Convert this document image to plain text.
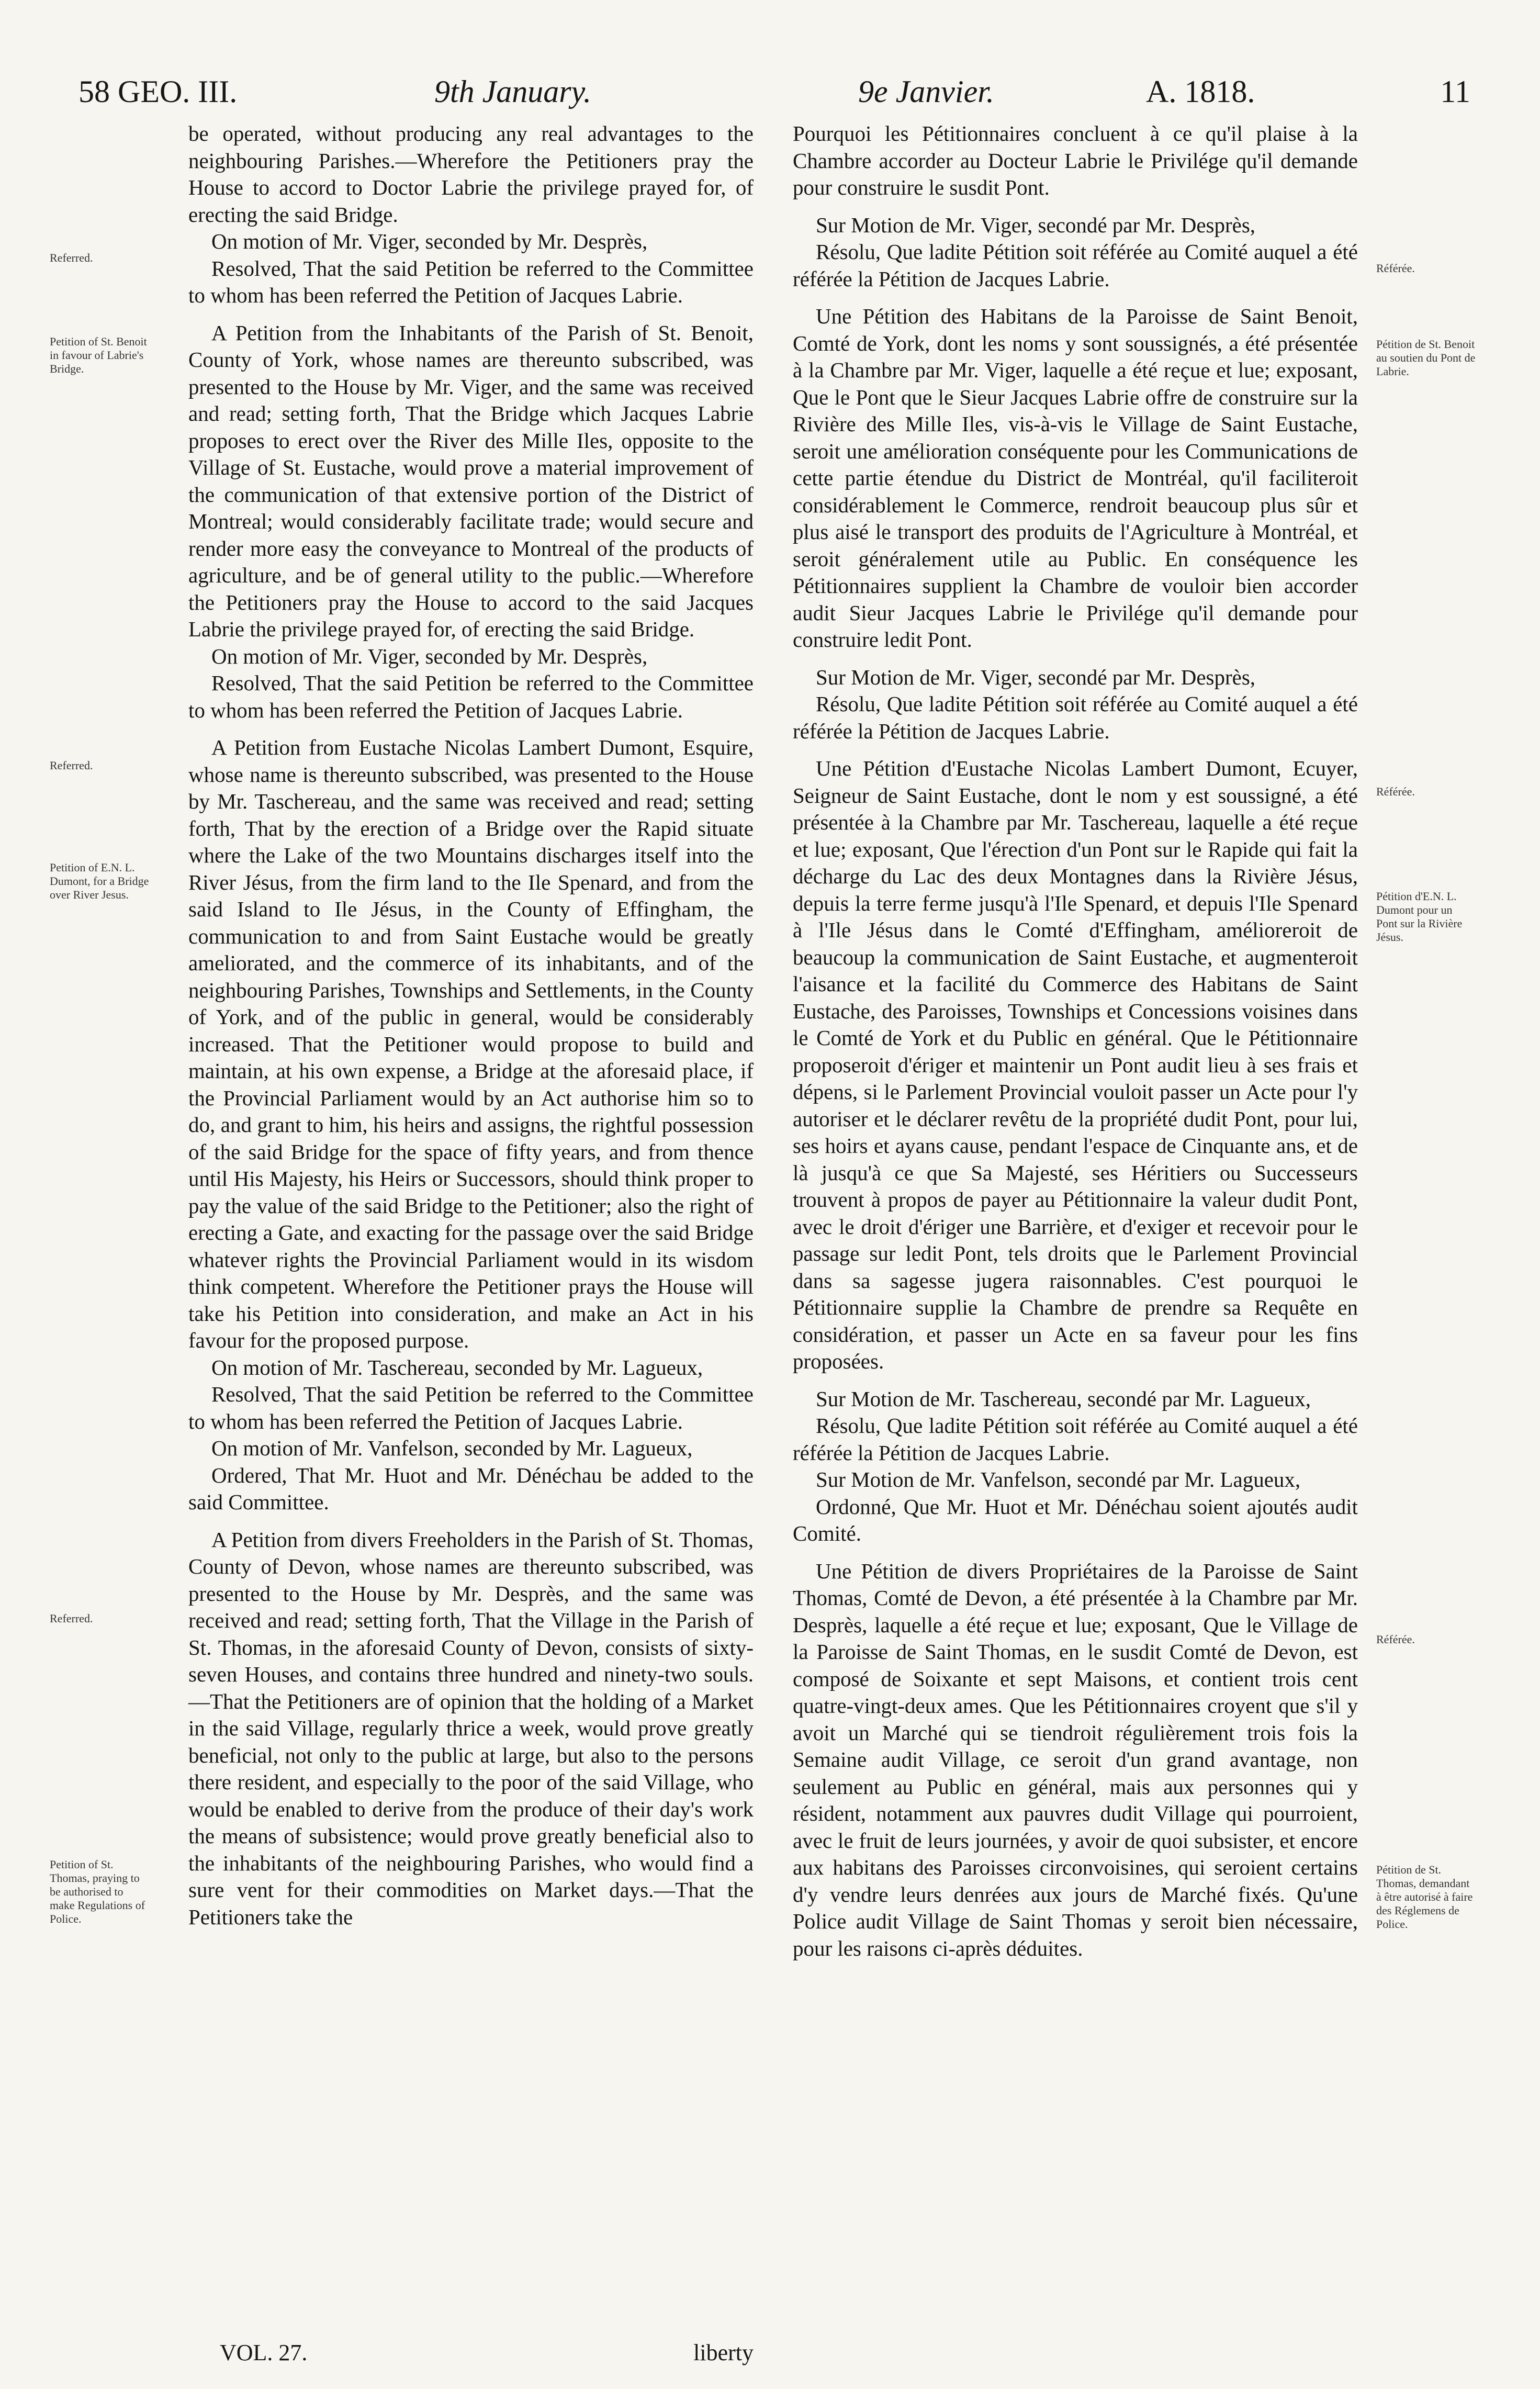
58 GEO. III.	9th January.	9e Janvier.	A. 1818.	11
Referred.
Petition of St. Benoit in favour of Labrie's Bridge.
Referred.
Petition of E.N. L. Dumont, for a Bridge over River Jesus.
Referred.
Petition of St. Thomas, praying to be authorised to make Regulations of Police.
Référée.
Pétition de St. Benoit au soutien du Pont de Labrie.
Référée.
Pétition d'E.N. L. Dumont pour un Pont sur la Rivière Jésus.
Référée.
Pétition de St. Thomas, demandant à être autorisé à faire des Réglemens de Police.

be operated, without producing any real advantages to the neighbouring Parishes.—Wherefore the Petitioners pray the House to accord to Doctor Labrie the privilege prayed for, of erecting the said Bridge.

On motion of Mr. Viger, seconded by Mr. Desprès,

Resolved, That the said Petition be referred to the Committee to whom has been referred the Petition of Jacques Labrie.

A Petition from the Inhabitants of the Parish of St. Benoit, County of York, whose names are thereunto subscribed, was presented to the House by Mr. Viger, and the same was received and read; setting forth, That the Bridge which Jacques Labrie proposes to erect over the River des Mille Iles, opposite to the Village of St. Eustache, would prove a material improvement of the communication of that extensive portion of the District of Montreal; would considerably facilitate trade; would secure and render more easy the conveyance to Montreal of the products of agriculture, and be of general utility to the public.—Wherefore the Petitioners pray the House to accord to the said Jacques Labrie the privilege prayed for, of erecting the said Bridge.

On motion of Mr. Viger, seconded by Mr. Desprès,

Resolved, That the said Petition be referred to the Committee to whom has been referred the Petition of Jacques Labrie.

A Petition from Eustache Nicolas Lambert Dumont, Esquire, whose name is thereunto subscribed, was presented to the House by Mr. Taschereau, and the same was received and read; setting forth, That by the erection of a Bridge over the Rapid situate where the Lake of the two Mountains discharges itself into the River Jésus, from the firm land to the Ile Spenard, and from the said Island to Ile Jésus, in the County of Effingham, the communication to and from Saint Eustache would be greatly ameliorated, and the commerce of its inhabitants, and of the neighbouring Parishes, Townships and Settlements, in the County of York, and of the public in general, would be considerably increased. That the Petitioner would propose to build and maintain, at his own expense, a Bridge at the aforesaid place, if the Provincial Parliament would by an Act authorise him so to do, and grant to him, his heirs and assigns, the rightful possession of the said Bridge for the space of fifty years, and from thence until His Majesty, his Heirs or Successors, should think proper to pay the value of the said Bridge to the Petitioner; also the right of erecting a Gate, and exacting for the passage over the said Bridge whatever rights the Provincial Parliament would in its wisdom think competent. Wherefore the Petitioner prays the House will take his Petition into consideration, and make an Act in his favour for the proposed purpose.

On motion of Mr. Taschereau, seconded by Mr. Lagueux,

Resolved, That the said Petition be referred to the Committee to whom has been referred the Petition of Jacques Labrie.

On motion of Mr. Vanfelson, seconded by Mr. Lagueux,

Ordered, That Mr. Huot and Mr. Dénéchau be added to the said Committee.

A Petition from divers Freeholders in the Parish of St. Thomas, County of Devon, whose names are thereunto subscribed, was presented to the House by Mr. Desprès, and the same was received and read; setting forth, That the Village in the Parish of St. Thomas, in the aforesaid County of Devon, consists of sixty-seven Houses, and contains three hundred and ninety-two souls.—That the Petitioners are of opinion that the holding of a Market in the said Village, regularly thrice a week, would prove greatly beneficial, not only to the public at large, but also to the persons there resident, and especially to the poor of the said Village, who would be enabled to derive from the produce of their day's work the means of subsistence; would prove greatly beneficial also to the inhabitants of the neighbouring Parishes, who would find a sure vent for their commodities on Market days.—That the Petitioners take the

Pourquoi les Pétitionnaires concluent à ce qu'il plaise à la Chambre accorder au Docteur Labrie le Privilége qu'il demande pour construire le susdit Pont.

Sur Motion de Mr. Viger, secondé par Mr. Desprès,

Résolu, Que ladite Pétition soit référée au Comité auquel a été référée la Pétition de Jacques Labrie.

Une Pétition des Habitans de la Paroisse de Saint Benoit, Comté de York, dont les noms y sont soussignés, a été présentée à la Chambre par Mr. Viger, laquelle a été reçue et lue; exposant, Que le Pont que le Sieur Jacques Labrie offre de construire sur la Rivière des Mille Iles, vis-à-vis le Village de Saint Eustache, seroit une amélioration conséquente pour les Communications de cette partie étendue du District de Montréal, qu'il faciliteroit considérablement le Commerce, rendroit beaucoup plus sûr et plus aisé le transport des produits de l'Agriculture à Montréal, et seroit généralement utile au Public. En conséquence les Pétitionnaires supplient la Chambre de vouloir bien accorder audit Sieur Jacques Labrie le Privilége qu'il demande pour construire ledit Pont.

Sur Motion de Mr. Viger, secondé par Mr. Desprès,

Résolu, Que ladite Pétition soit référée au Comité auquel a été référée la Pétition de Jacques Labrie.

Une Pétition d'Eustache Nicolas Lambert Dumont, Ecuyer, Seigneur de Saint Eustache, dont le nom y est soussigné, a été présentée à la Chambre par Mr. Taschereau, laquelle a été reçue et lue; exposant, Que l'érection d'un Pont sur le Rapide qui fait la décharge du Lac des deux Montagnes dans la Rivière Jésus, depuis la terre ferme jusqu'à l'Ile Spenard, et depuis l'Ile Spenard à l'Ile Jésus dans le Comté d'Effingham, amélioreroit de beaucoup la communication de Saint Eustache, et augmenteroit l'aisance et la facilité du Commerce des Habitans de Saint Eustache, des Paroisses, Townships et Concessions voisines dans le Comté de York et du Public en général. Que le Pétitionnaire proposeroit d'ériger et maintenir un Pont audit lieu à ses frais et dépens, si le Parlement Provincial vouloit passer un Acte pour l'y autoriser et le déclarer revêtu de la propriété dudit Pont, pour lui, ses hoirs et ayans cause, pendant l'espace de Cinquante ans, et de là jusqu'à ce que Sa Majesté, ses Héritiers ou Successeurs trouvent à propos de payer au Pétitionnaire la valeur dudit Pont, avec le droit d'ériger une Barrière, et d'exiger et recevoir pour le passage sur ledit Pont, tels droits que le Parlement Provincial dans sa sagesse jugera raisonnables. C'est pourquoi le Pétitionnaire supplie la Chambre de prendre sa Requête en considération, et passer un Acte en sa faveur pour les fins proposées.

Sur Motion de Mr. Taschereau, secondé par Mr. Lagueux,

Résolu, Que ladite Pétition soit référée au Comité auquel a été référée la Pétition de Jacques Labrie.

Sur Motion de Mr. Vanfelson, secondé par Mr. Lagueux,

Ordonné, Que Mr. Huot et Mr. Dénéchau soient ajoutés audit Comité.

Une Pétition de divers Propriétaires de la Paroisse de Saint Thomas, Comté de Devon, a été présentée à la Chambre par Mr. Desprès, laquelle a été reçue et lue; exposant, Que le Village de la Paroisse de Saint Thomas, en le susdit Comté de Devon, est composé de Soixante et sept Maisons, et contient trois cent quatre-vingt-deux ames. Que les Pétitionnaires croyent que s'il y avoit un Marché qui se tiendroit régulièrement trois fois la Semaine audit Village, ce seroit d'un grand avantage, non seulement au Public en général, mais aux personnes qui y résident, notamment aux pauvres dudit Village qui pourroient, avec le fruit de leurs journées, y avoir de quoi subsister, et encore aux habitans des Paroisses circonvoisines, qui seroient certains d'y vendre leurs denrées aux jours de Marché fixés. Qu'une Police audit Village de Saint Thomas y seroit bien nécessaire, pour les raisons ci-après déduites.

VOL. 27.	liberty
